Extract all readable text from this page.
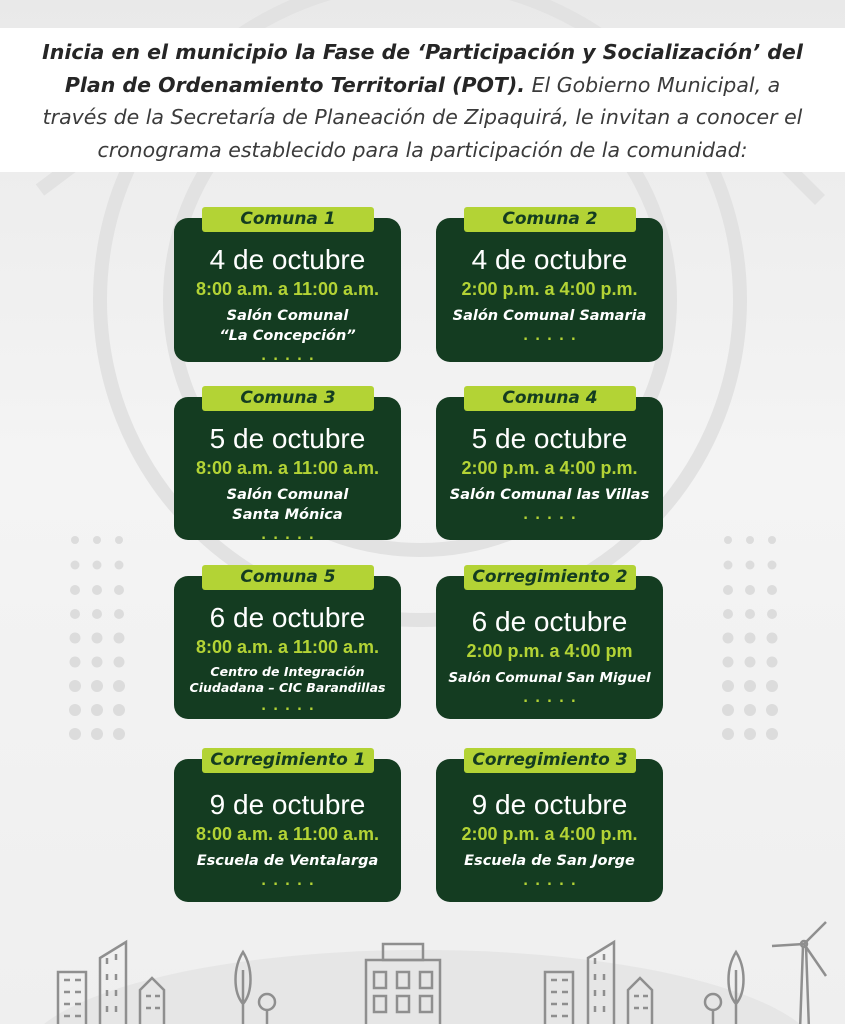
Inicia en el municipio la Fase de ‘Participación y Socialización’ del Plan de Ordenamiento Territorial (POT). El Gobierno Municipal, a través de la Secretaría de Planeación de Zipaquirá, le invitan a conocer el cronograma establecido para la participación de la comunidad:
Comuna 1
4 de octubre
8:00 a.m. a 11:00 a.m.
Salón Comunal
“La Concepción”
.....
Comuna 2
4 de octubre
2:00 p.m. a 4:00 p.m.
Salón Comunal Samaria
.....
Comuna 3
5 de octubre
8:00 a.m. a 11:00 a.m.
Salón Comunal
Santa Mónica
.....
Comuna 4
5 de octubre
2:00 p.m. a 4:00 p.m.
Salón Comunal las Villas
.....
Comuna 5
6 de octubre
8:00 a.m. a 11:00 a.m.
Centro de Integración
Ciudadana – CIC Barandillas
.....
Corregimiento 2
6 de octubre
2:00 p.m. a 4:00 pm
Salón Comunal San Miguel
.....
Corregimiento 1
9 de octubre
8:00 a.m. a 11:00 a.m.
Escuela de Ventalarga
.....
Corregimiento 3
9 de octubre
2:00 p.m. a 4:00 p.m.
Escuela de San Jorge
.....
